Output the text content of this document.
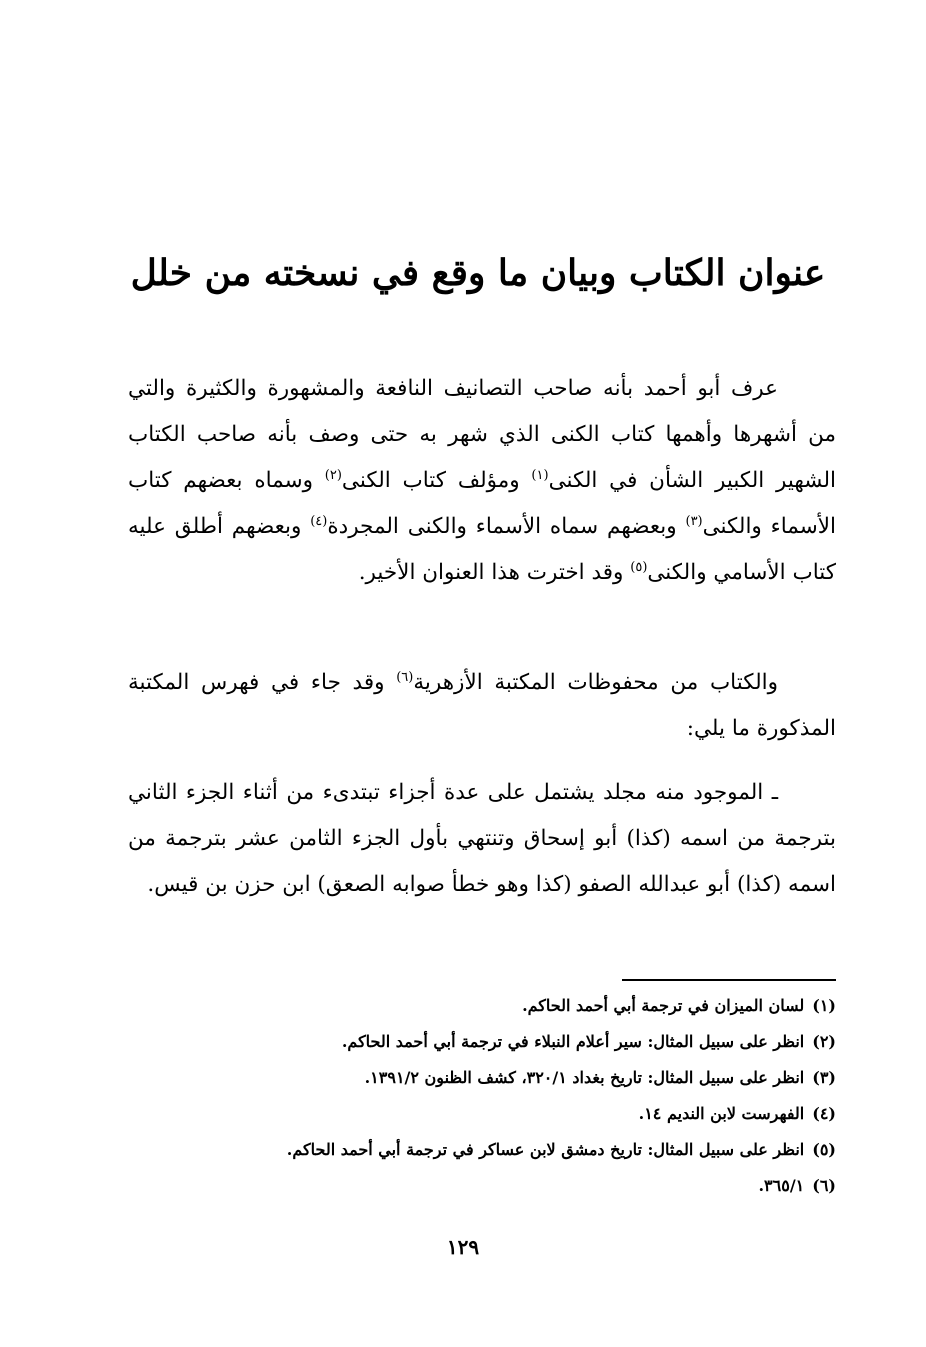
عنوان الكتاب وبيان ما وقع في نسخته من خلل

عرف أبو أحمد بأنه صاحب التصانيف النافعة والمشهورة والكثيرة والتي من أشهرها وأهمها كتاب الكنى الذي شهر به حتى وصف بأنه صاحب الكتاب الشهير الكبير الشأن في الكنى$^{(١)}$ ومؤلف كتاب الكنى$^{(٢)}$ وسماه بعضهم كتاب الأسماء والكنى$^{(٣)}$ وبعضهم سماه الأسماء والكنى المجردة$^{(٤)}$ وبعضهم أطلق عليه كتاب الأسامي والكنى$^{(٥)}$ وقد اخترت هذا العنوان الأخير.

والكتاب من محفوظات المكتبة الأزهرية$^{(٦)}$ وقد جاء في فهرس المكتبة المذكورة ما يلي:

ـ الموجود منه مجلد يشتمل على عدة أجزاء تبتدىء من أثناء الجزء الثاني بترجمة من اسمه (كذا) أبو إسحاق وتنتهي بأول الجزء الثامن عشر بترجمة من اسمه (كذا) أبو عبدالله الصفو (كذا وهو خطأ صوابه الصعق) ابن حزن بن قيس.

(١)لسان الميزان في ترجمة أبي أحمد الحاكم.
(٢)انظر على سبيل المثال: سير أعلام النبلاء في ترجمة أبي أحمد الحاكم.
(٣)انظر على سبيل المثال: تاريخ بغداد ٣٢٠/١، كشف الظنون ١٣٩١/٢.
(٤)الفهرست لابن النديم ١٤.
(٥)انظر على سبيل المثال: تاريخ دمشق لابن عساكر في ترجمة أبي أحمد الحاكم.
(٦)٣٦٥/١.
١٢٩
